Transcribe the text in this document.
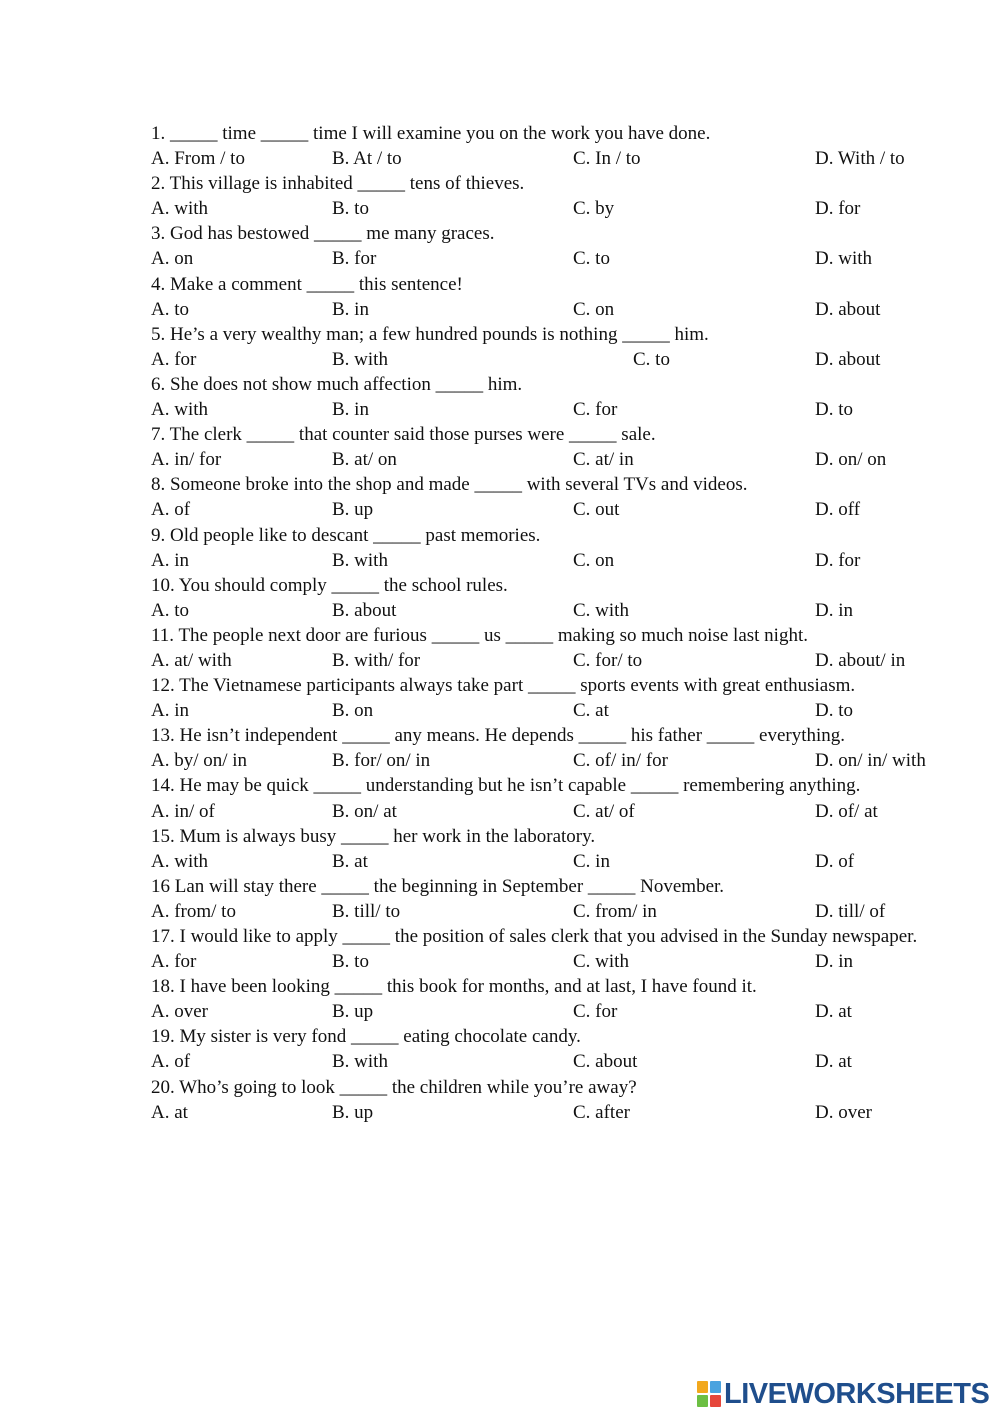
1. _____ time _____ time I will examine you on the work you have done.
A. From / to	B. At / to	C. In / to	D. With / to
2. This village is inhabited _____ tens of thieves.
A. with	B. to	C. by	D. for
3. God has bestowed _____ me many graces.
A. on	B. for	C. to	D. with
4. Make a comment _____ this sentence!
A. to	B. in	C. on	D. about
5. He’s a very wealthy man; a few hundred pounds is nothing _____ him.
A. for	B. with	C. to	D. about
6. She does not show much affection _____ him.
A. with	B. in	C. for	D. to
7. The clerk _____ that counter said those purses were _____ sale.
A. in/ for	B. at/ on	C. at/ in	D. on/ on
8. Someone broke into the shop and made _____ with several TVs and videos.
A. of	B. up	C. out	D. off
9. Old people like to descant _____ past memories.
A. in	B. with	C. on	D. for
10. You should comply _____ the school rules.
A. to	B. about	C. with	D. in
11. The people next door are furious _____ us _____ making so much noise last night.
A. at/ with	B. with/ for	C. for/ to	D. about/ in
12. The Vietnamese participants always take part _____ sports events with great enthusiasm.
A. in	B. on	C. at	D. to
13. He isn’t independent _____ any means. He depends _____ his father _____ everything.
A. by/ on/ in	B. for/ on/ in	C. of/ in/ for	D. on/ in/ with
14. He may be quick _____ understanding but he isn’t capable _____ remembering anything.
A. in/ of	B. on/ at	C. at/ of	D. of/ at
15. Mum is always busy _____ her work in the laboratory.
A. with	B. at	C. in	D. of
16 Lan will stay there _____ the beginning in September _____ November.
A. from/ to	B. till/ to	C. from/ in	D. till/ of
17. I would like to apply _____ the position of sales clerk that you advised in the Sunday newspaper.
A. for	B. to	C. with	D. in
18. I have been looking _____ this book for months, and at last, I have found it.
A. over	B. up	C. for	D. at
19. My sister is very fond _____ eating chocolate candy.
A. of	B. with	C. about	D. at
20. Who’s going to look _____ the children while you’re away?
A. at	B. up	C. after	D. over
LIVEWORKSHEETS
